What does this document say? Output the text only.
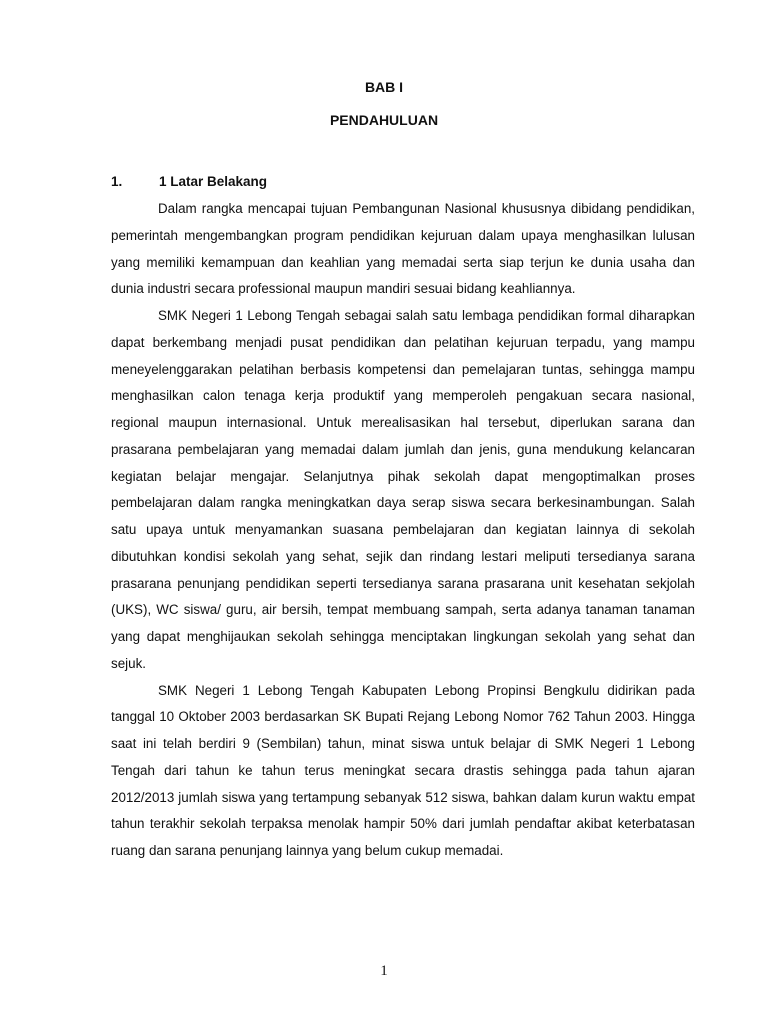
BAB I
PENDAHULUAN
1.	1 Latar Belakang

Dalam rangka mencapai tujuan Pembangunan Nasional khususnya dibidang pendidikan, pemerintah mengembangkan program pendidikan kejuruan dalam upaya menghasilkan lulusan yang memiliki kemampuan dan keahlian yang memadai serta siap terjun ke dunia usaha dan dunia industri secara professional maupun mandiri sesuai bidang keahliannya.

SMK Negeri 1 Lebong Tengah sebagai salah satu lembaga pendidikan formal diharapkan dapat berkembang menjadi pusat pendidikan dan pelatihan kejuruan terpadu, yang mampu meneyelenggarakan pelatihan berbasis kompetensi dan pemelajaran tuntas, sehingga mampu menghasilkan calon tenaga kerja produktif yang memperoleh pengakuan secara nasional, regional maupun internasional. Untuk merealisasikan hal tersebut, diperlukan sarana dan prasarana pembelajaran yang memadai dalam jumlah dan jenis, guna mendukung kelancaran kegiatan belajar mengajar. Selanjutnya pihak sekolah dapat mengoptimalkan proses pembelajaran dalam rangka meningkatkan daya serap siswa secara berkesinambungan. Salah satu upaya untuk menyamankan suasana pembelajaran dan kegiatan lainnya di sekolah dibutuhkan kondisi sekolah yang sehat, sejik dan rindang lestari meliputi tersedianya sarana prasarana penunjang pendidikan seperti tersedianya sarana prasarana unit kesehatan sekjolah (UKS), WC siswa/ guru, air bersih, tempat membuang sampah, serta adanya tanaman tanaman yang dapat menghijaukan sekolah sehingga menciptakan lingkungan sekolah yang sehat dan sejuk.

SMK Negeri 1 Lebong Tengah Kabupaten Lebong Propinsi Bengkulu didirikan pada tanggal 10 Oktober 2003 berdasarkan SK Bupati Rejang Lebong Nomor 762 Tahun 2003. Hingga saat ini telah berdiri 9 (Sembilan) tahun, minat siswa untuk belajar di SMK Negeri 1 Lebong Tengah dari tahun ke tahun terus meningkat secara drastis sehingga pada tahun ajaran 2012/2013 jumlah siswa yang tertampung sebanyak 512 siswa, bahkan dalam kurun waktu empat tahun terakhir sekolah terpaksa menolak hampir 50% dari jumlah pendaftar akibat keterbatasan ruang dan sarana penunjang lainnya yang belum cukup memadai.

1
